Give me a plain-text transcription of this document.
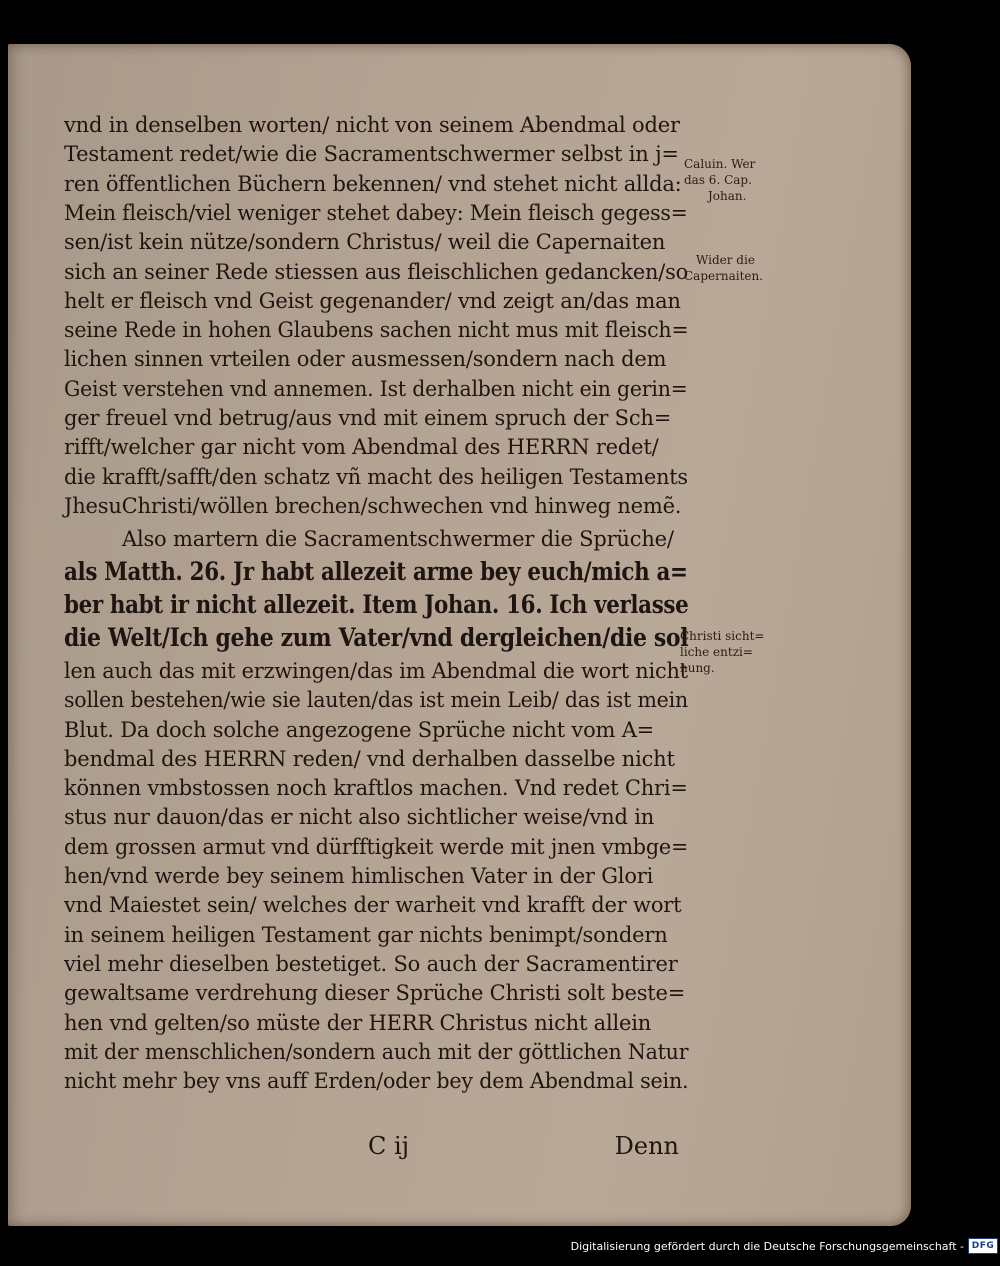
vnd in denselben worten/ nicht von seinem Abendmal oder
Testament redet/wie die Sacramentschwermer selbst in j=
ren öffentlichen Büchern bekennen/ vnd stehet nicht allda:
Mein fleisch/viel weniger stehet dabey: Mein fleisch gegess=
sen/ist kein nütze/sondern Christus/ weil die Capernaiten
sich an seiner Rede stiessen aus fleischlichen gedancken/so
helt er fleisch vnd Geist gegenander/ vnd zeigt an/das man
seine Rede in hohen Glaubens sachen nicht mus mit fleisch=
lichen sinnen vrteilen oder ausmessen/sondern nach dem
Geist verstehen vnd annemen. Ist derhalben nicht ein gerin=
ger freuel vnd betrug/aus vnd mit einem spruch der Sch=
rifft/welcher gar nicht vom Abendmal des HERRN redet/
die krafft/safft/den schatz vñ macht des heiligen Testaments
JhesuChristi/wöllen brechen/schwechen vnd hinweg nemẽ.
Also martern die Sacramentschwermer die Sprüche/
als Matth. 26. Jr habt allezeit arme bey euch/mich a=
ber habt ir nicht allezeit. Item Johan. 16. Ich verlasse
die Welt/Ich gehe zum Vater/vnd dergleichen/die sol
len auch das mit erzwingen/das im Abendmal die wort nicht
sollen bestehen/wie sie lauten/das ist mein Leib/ das ist mein
Blut. Da doch solche angezogene Sprüche nicht vom A=
bendmal des HERRN reden/ vnd derhalben dasselbe nicht
können vmbstossen noch kraftlos machen. Vnd redet Chri=
stus nur dauon/das er nicht also sichtlicher weise/vnd in
dem grossen armut vnd dürfftigkeit werde mit jnen vmbge=
hen/vnd werde bey seinem himlischen Vater in der Glori
vnd Maiestet sein/ welches der warheit vnd krafft der wort
in seinem heiligen Testament gar nichts benimpt/sondern
viel mehr dieselben bestetiget. So auch der Sacramentirer
gewaltsame verdrehung dieser Sprüche Christi solt beste=
hen vnd gelten/so müste der HERR Christus nicht allein
mit der menschlichen/sondern auch mit der göttlichen Natur
nicht mehr bey vns auff Erden/oder bey dem Abendmal sein.
Caluin. Wer
das 6. Cap.
Johan.
Wider die
Capernaiten.
Christi sicht=
liche entzi=
hung.
C ij	Denn
Digitalisierung gefördert durch die Deutsche Forschungsgemeinschaft - DFG
